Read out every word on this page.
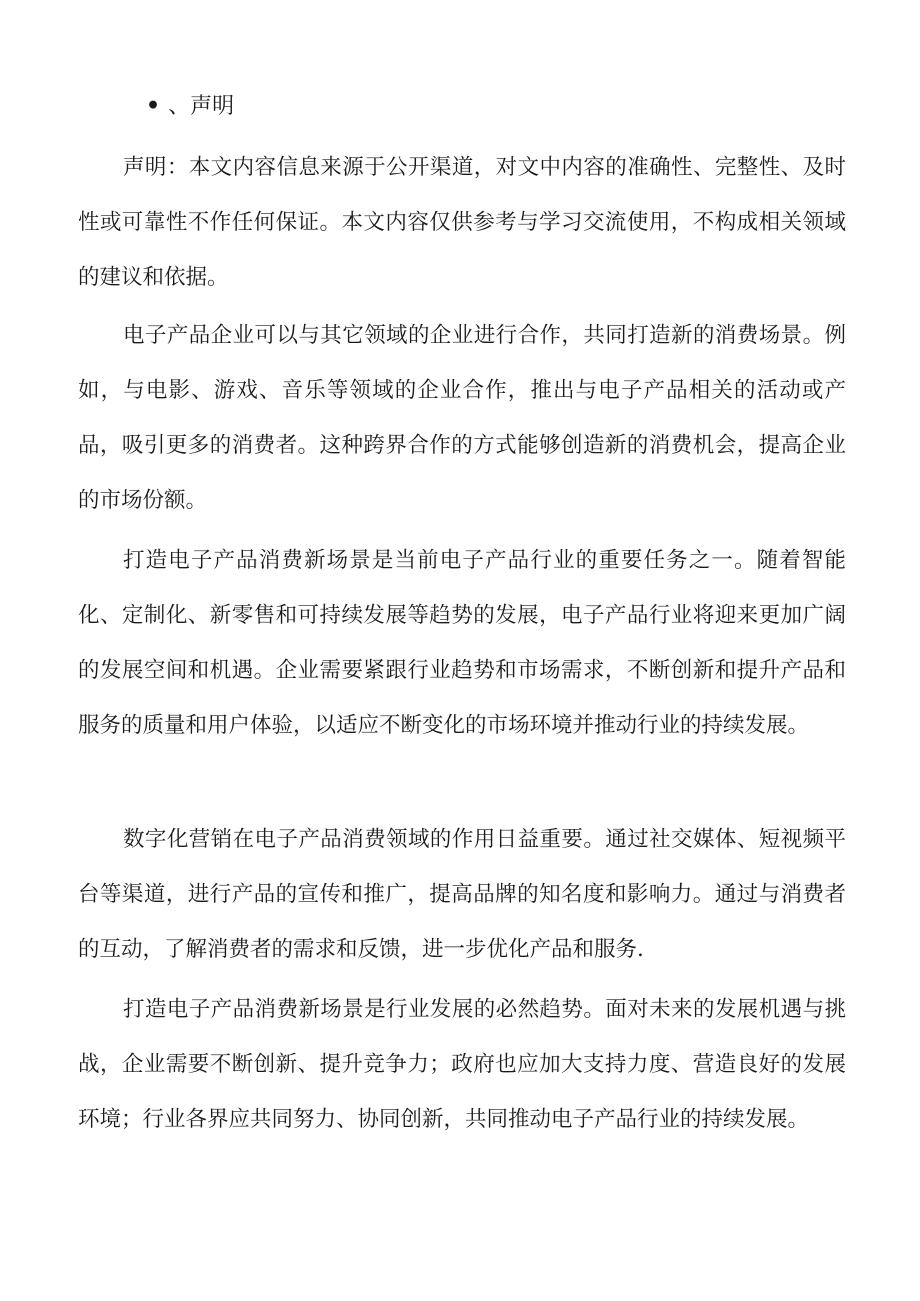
• 、声明

声明：本文内容信息来源于公开渠道，对文中内容的准确性、完整性、及时性或可靠性不作任何保证。本文内容仅供参考与学习交流使用，不构成相关领域的建议和依据。

电子产品企业可以与其它领域的企业进行合作，共同打造新的消费场景。例如，与电影、游戏、音乐等领域的企业合作，推出与电子产品相关的活动或产品，吸引更多的消费者。这种跨界合作的方式能够创造新的消费机会，提高企业的市场份额。

打造电子产品消费新场景是当前电子产品行业的重要任务之一。随着智能化、定制化、新零售和可持续发展等趋势的发展，电子产品行业将迎来更加广阔的发展空间和机遇。企业需要紧跟行业趋势和市场需求，不断创新和提升产品和服务的质量和用户体验，以适应不断变化的市场环境并推动行业的持续发展。

数字化营销在电子产品消费领域的作用日益重要。通过社交媒体、短视频平台等渠道，进行产品的宣传和推广，提高品牌的知名度和影响力。通过与消费者的互动，了解消费者的需求和反馈，进一步优化产品和服务.

打造电子产品消费新场景是行业发展的必然趋势。面对未来的发展机遇与挑战，企业需要不断创新、提升竞争力；政府也应加大支持力度、营造良好的发展环境；行业各界应共同努力、协同创新，共同推动电子产品行业的持续发展。
